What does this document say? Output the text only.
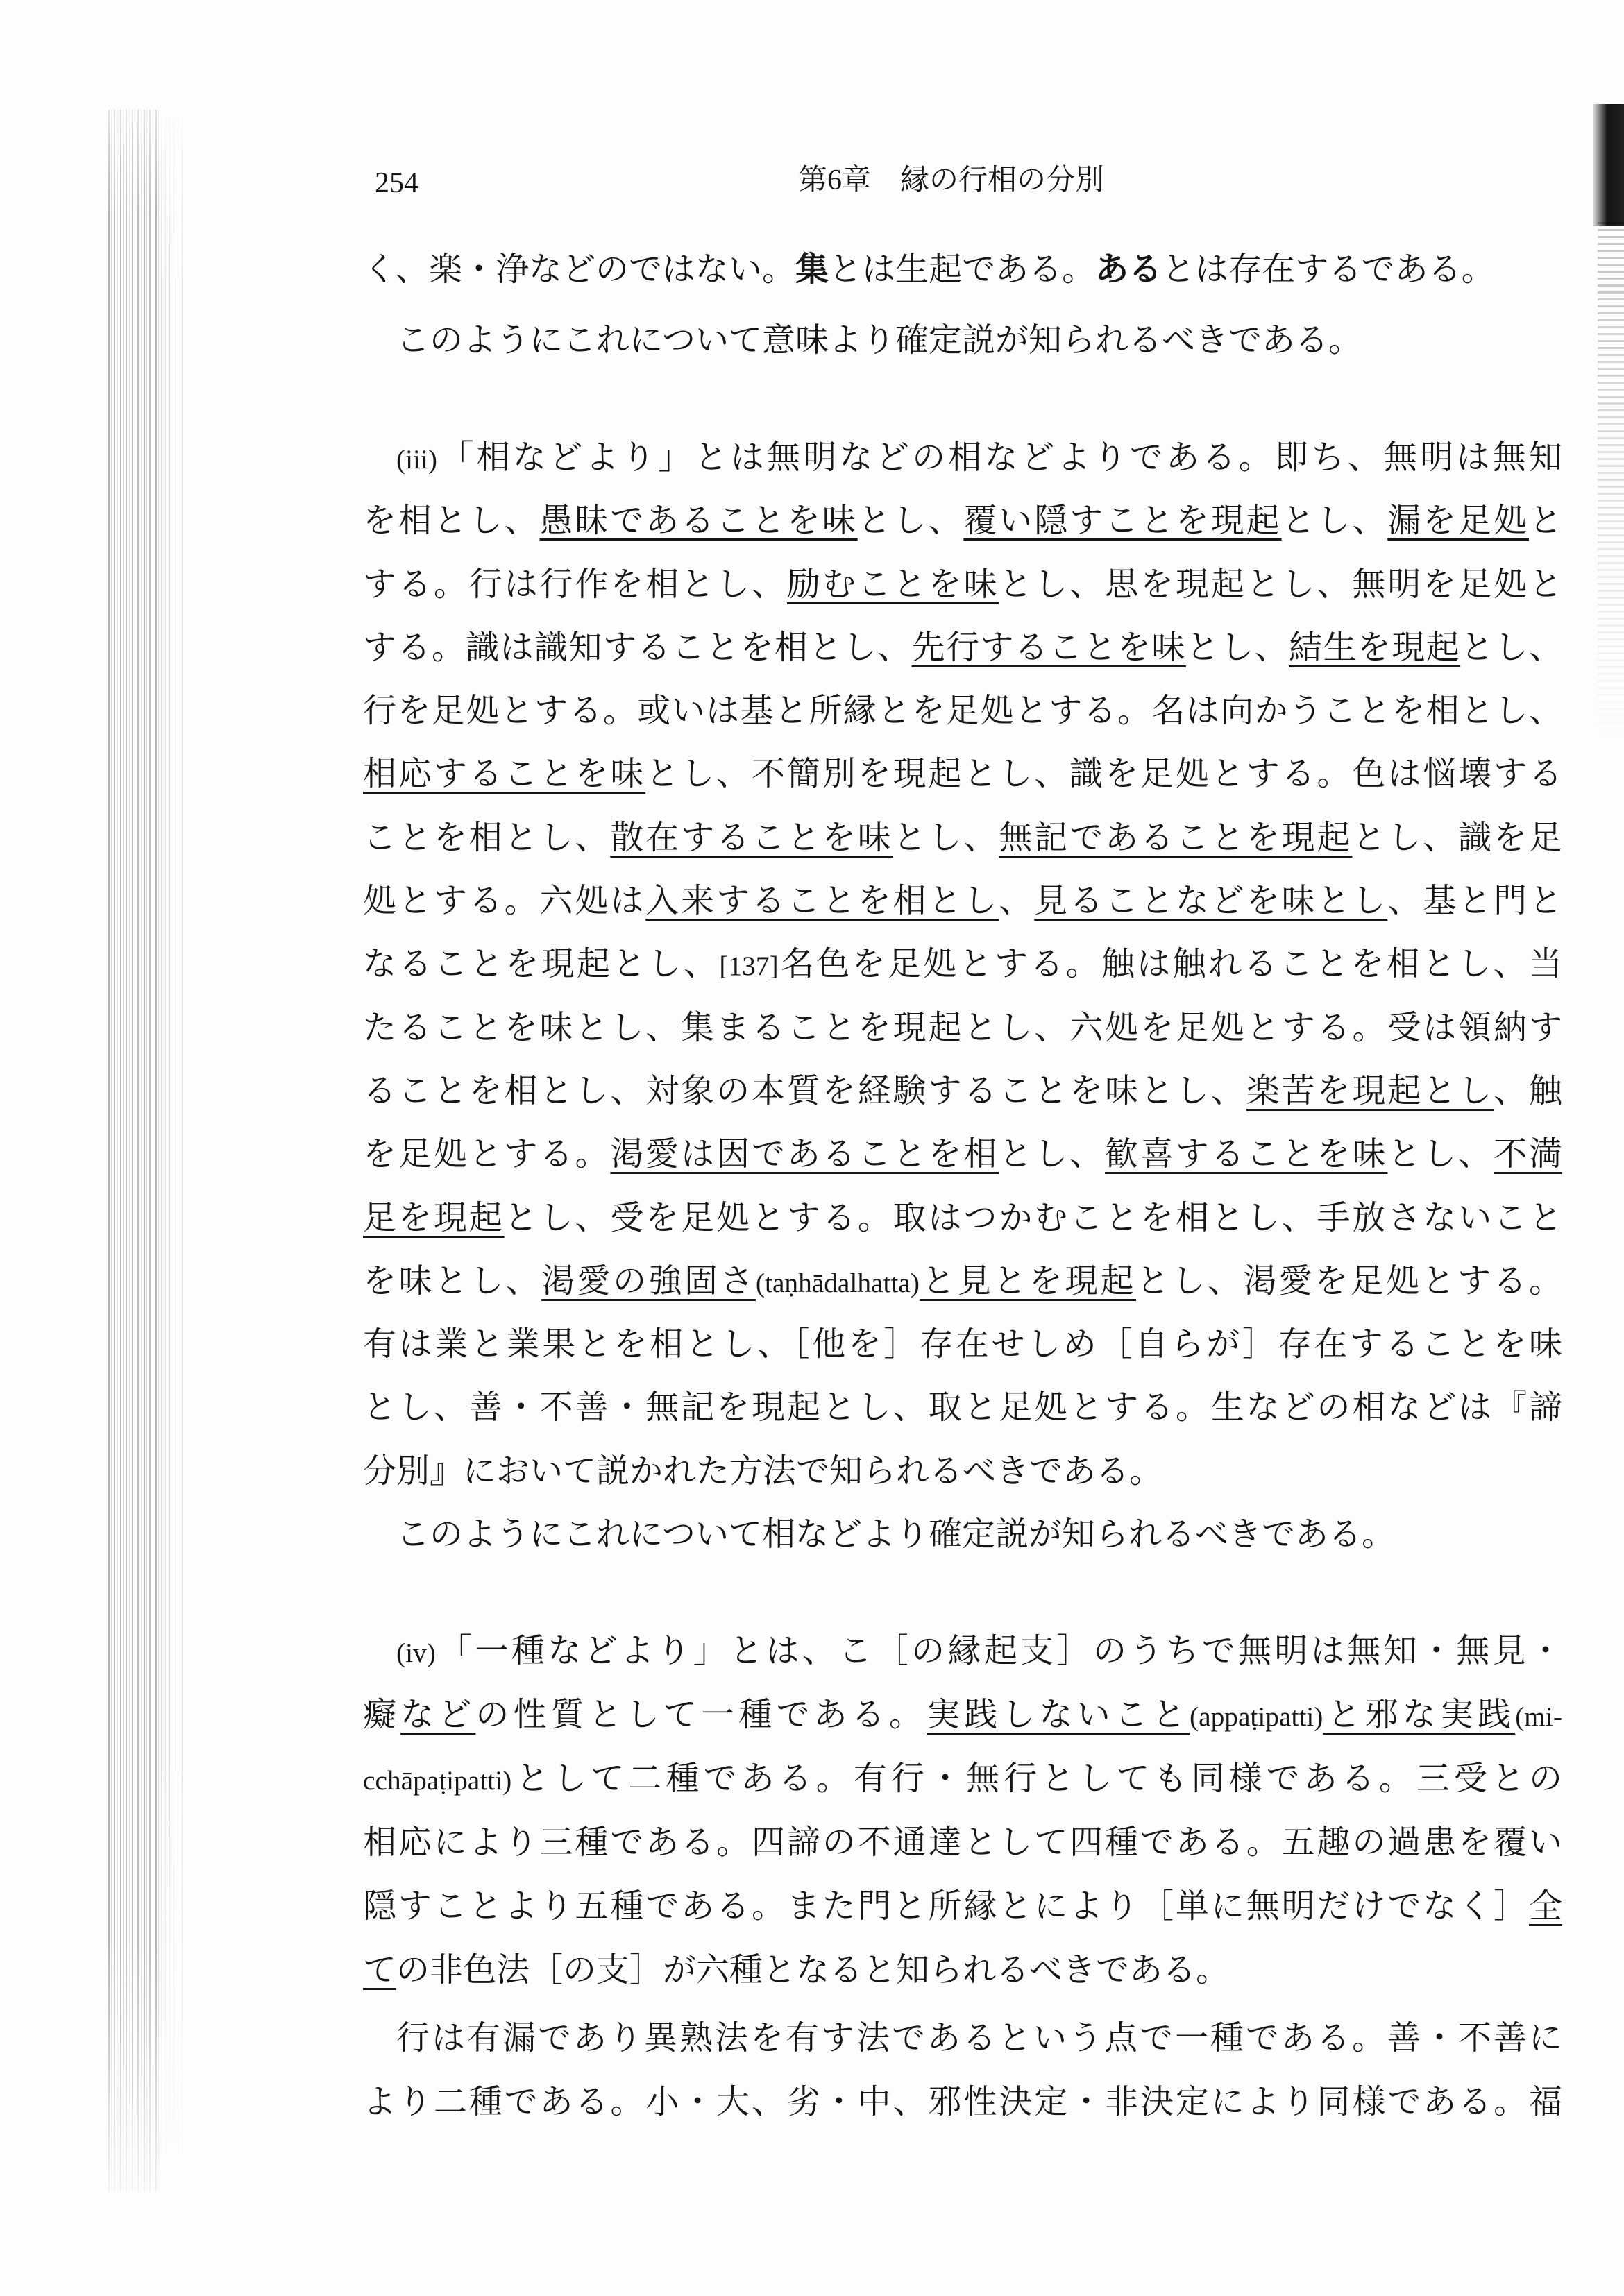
254	第6章　縁の行相の分別
く、楽・浄などのではない。集とは生起である。あるとは存在するである。
このようにこれについて意味より確定説が知られるべきである。
(iii)「相などより」とは無明などの相などよりである。即ち、無明は無知
を相とし、愚昧であることを味とし、覆い隠すことを現起とし、漏を足処と
する。行は行作を相とし、励むことを味とし、思を現起とし、無明を足処と
する。識は識知することを相とし、先行することを味とし、結生を現起とし、
行を足処とする。或いは基と所縁とを足処とする。名は向かうことを相とし、
相応することを味とし、不簡別を現起とし、識を足処とする。色は悩壊する
ことを相とし、散在することを味とし、無記であることを現起とし、識を足
処とする。六処は入来することを相とし、見ることなどを味とし、基と門と
なることを現起とし、[137]名色を足処とする。触は触れることを相とし、当
たることを味とし、集まることを現起とし、六処を足処とする。受は領納す
ることを相とし、対象の本質を経験することを味とし、楽苦を現起とし、触
を足処とする。渇愛は因であることを相とし、歓喜することを味とし、不満
足を現起とし、受を足処とする。取はつかむことを相とし、手放さないこと
を味とし、渇愛の強固さ(taṇhādalhatta)と見とを現起とし、渇愛を足処とする。
有は業と業果とを相とし、［他を］存在せしめ［自らが］存在することを味
とし、善・不善・無記を現起とし、取と足処とする。生などの相などは『諦
分別』において説かれた方法で知られるべきである。
このようにこれについて相などより確定説が知られるべきである。
(iv)「一種などより」とは、こ［の縁起支］のうちで無明は無知・無見・
癡などの性質として一種である。実践しないこと(appaṭipatti)と邪な実践(mi-
cchāpaṭipatti)として二種である。有行・無行としても同様である。三受との
相応により三種である。四諦の不通達として四種である。五趣の過患を覆い
隠すことより五種である。また門と所縁とにより［単に無明だけでなく］全
ての非色法［の支］が六種となると知られるべきである。
行は有漏であり異熟法を有す法であるという点で一種である。善・不善に
より二種である。小・大、劣・中、邪性決定・非決定により同様である。福
